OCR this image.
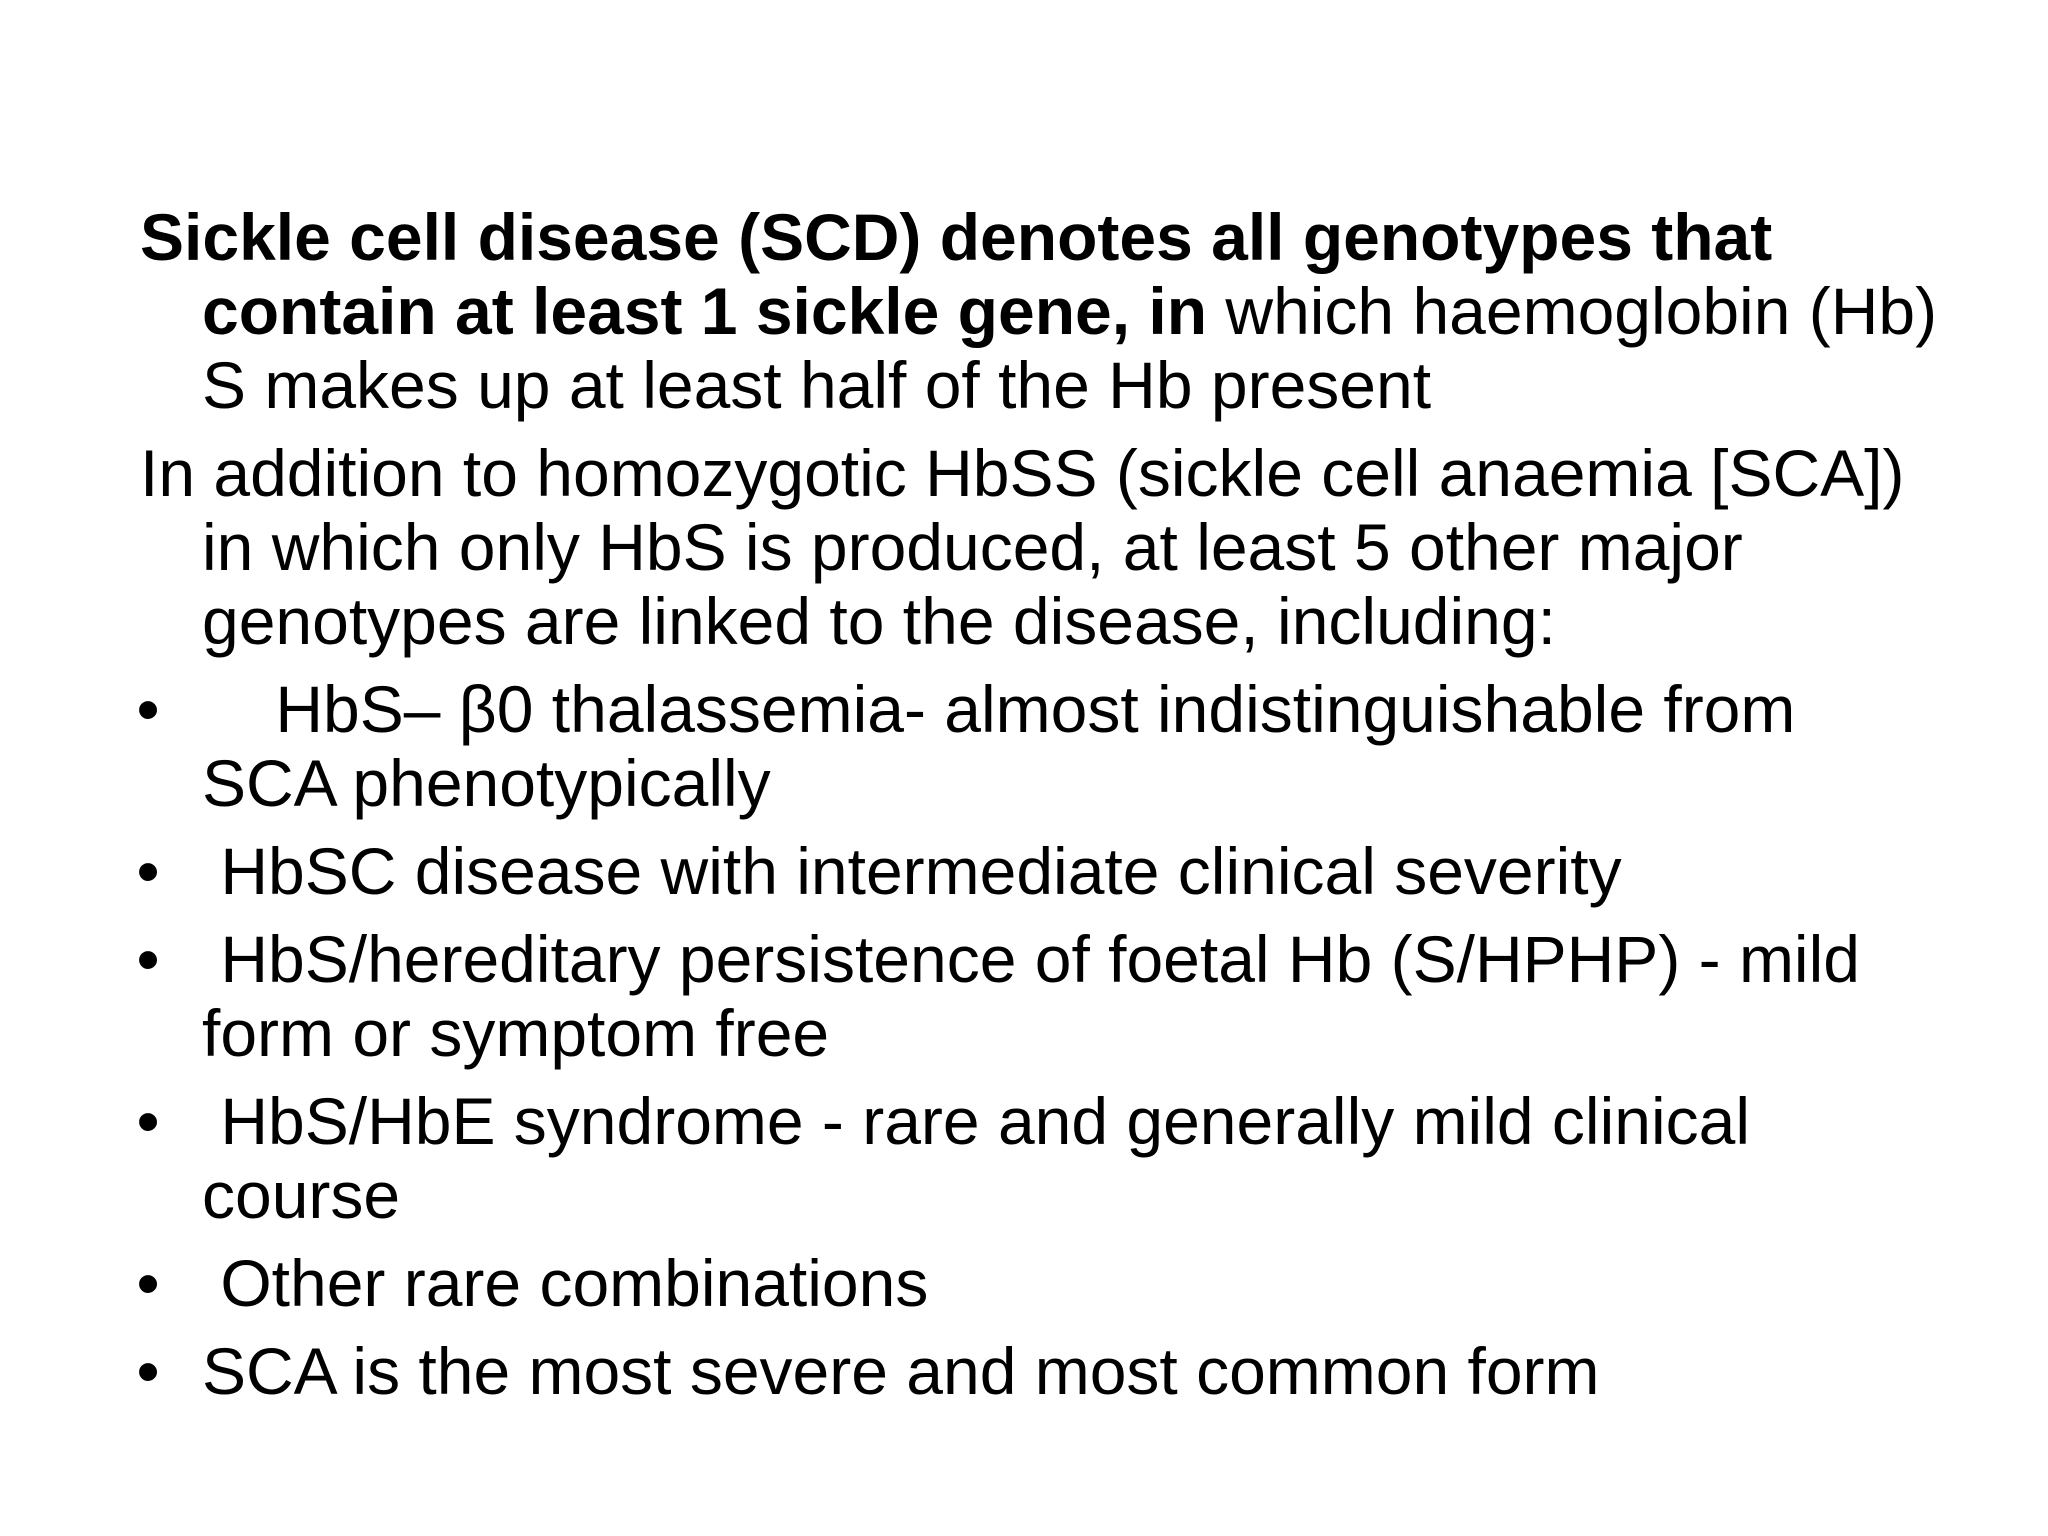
Sickle cell disease (SCD) denotes all genotypes that contain at least 1 sickle gene, in which haemoglobin (Hb) S makes up at least half of the Hb present

In addition to homozygotic HbSS (sickle cell anaemia [SCA]) in which only HbS is produced, at least 5 other major genotypes are linked to the disease, including:

• HbS– β0 thalassemia- almost indistinguishable from SCA phenotypically
• HbSC disease with intermediate clinical severity
• HbS/hereditary persistence of foetal Hb (S/HPHP) - mild form or symptom free
• HbS/HbE syndrome - rare and generally mild clinical course
• Other rare combinations
• SCA is the most severe and most common form
